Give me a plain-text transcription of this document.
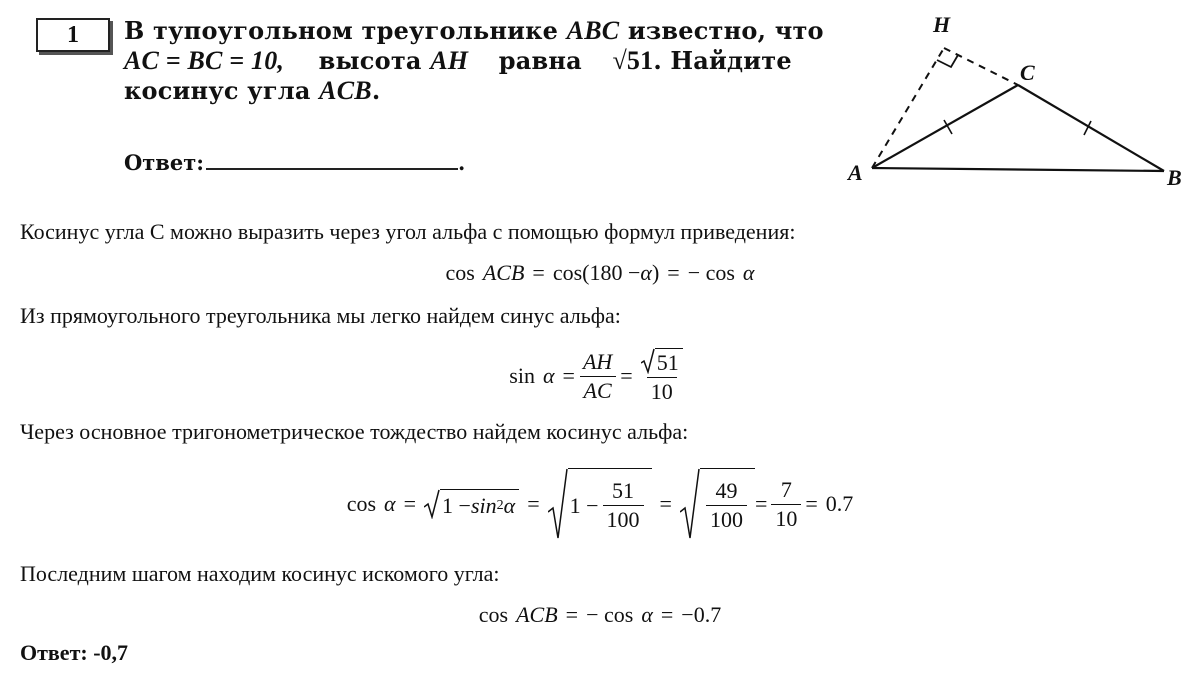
1 В тупоугольном треугольнике ABC известно, что
AC = BC = 10, высота AH равна √51. Найдите
косинус угла ACB.
Ответ:	.	A	B
C
H
Косинус угла С можно выразить через угол альфа с помощью формул приведения:
cos ACB = cos(180 − α ) = − cos α
Из прямоугольного треугольника мы легко найдем синус альфа:
$\sin \alpha = \frac{AH}{AC} = \frac{51}{10}$
Через основное тригонометрическое тождество найдем косинус альфа:
cos α = 1 − sin 2 $\alpha = 1 - \frac{51}{100} = \frac{49}{100} = \frac{7}{10} = 0.7$
Последним шагом находим косинус искомого угла:
cos ACB = − cos α = −0.7
Ответ: -0,7
